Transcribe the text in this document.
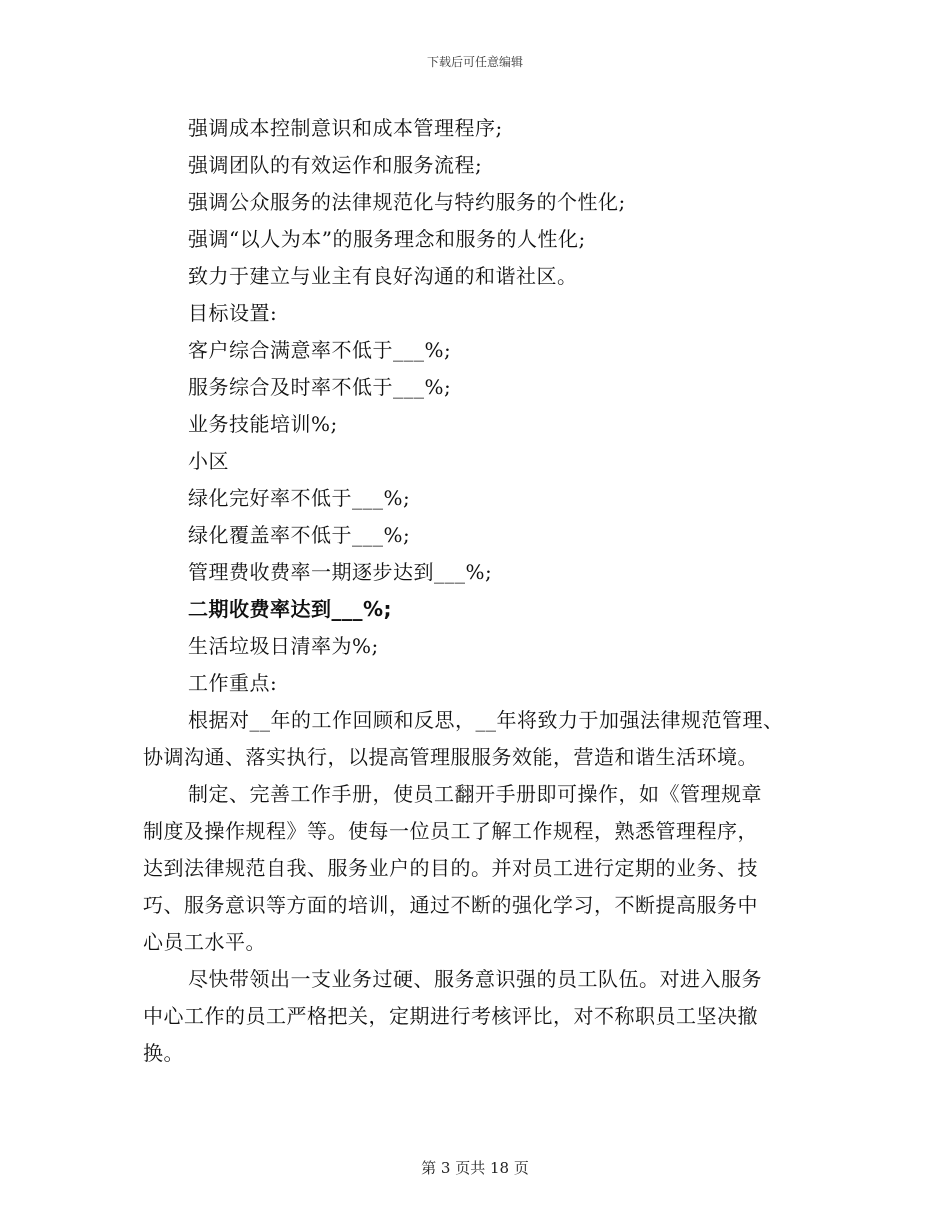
下载后可任意编辑
强调成本控制意识和成本管理程序;
强调团队的有效运作和服务流程;
强调公众服务的法律规范化与特约服务的个性化;
强调“以人为本”的服务理念和服务的人性化;
致力于建立与业主有良好沟通的和谐社区。
目标设置:
客户综合满意率不低于___%;
服务综合及时率不低于___%;
业务技能培训%;
小区
绿化完好率不低于___%;
绿化覆盖率不低于___%;
管理费收费率一期逐步达到___%;
二期收费率达到___%;
生活垃圾日清率为%;
工作重点:
根据对__年的工作回顾和反思，__年将致力于加强法律规范管理、
协调沟通、落实执行，以提高管理服服务效能，营造和谐生活环境。
制定、完善工作手册，使员工翻开手册即可操作，如《管理规章
制度及操作规程》等。使每一位员工了解工作规程，熟悉管理程序，
达到法律规范自我、服务业户的目的。并对员工进行定期的业务、技
巧、服务意识等方面的培训，通过不断的强化学习，不断提高服务中
心员工水平。
尽快带领出一支业务过硬、服务意识强的员工队伍。对进入服务
中心工作的员工严格把关，定期进行考核评比，对不称职员工坚决撤
换。
第 3 页共 18 页
